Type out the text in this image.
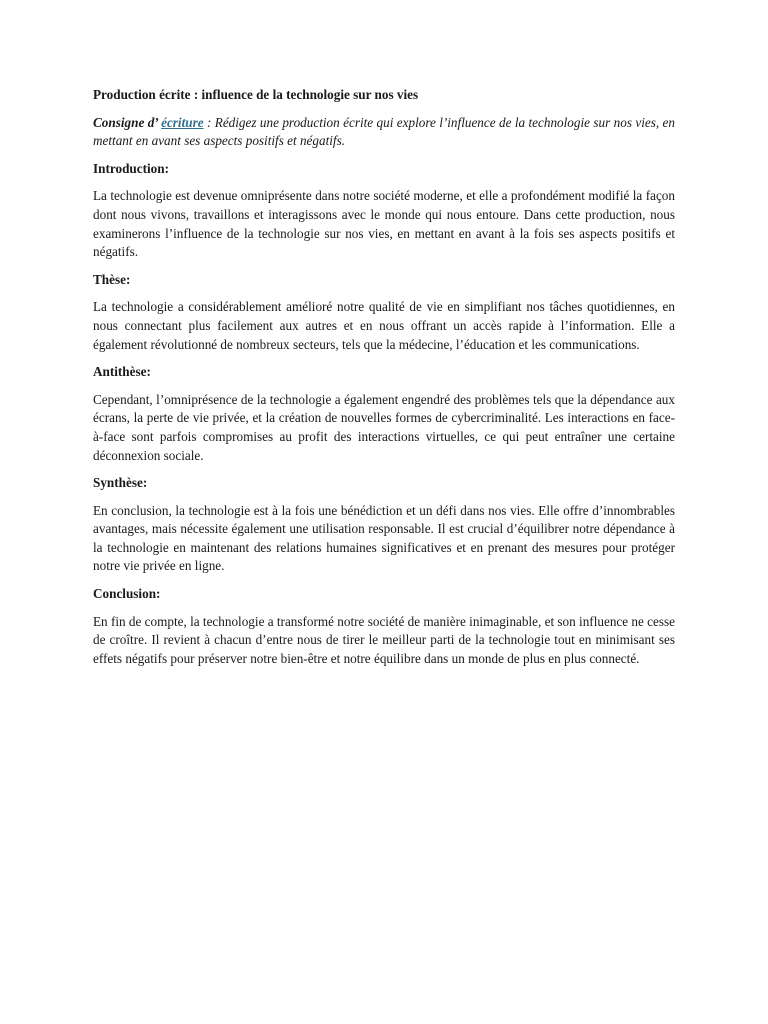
Production écrite : influence de la technologie sur nos vies

Consigne d’ écriture : Rédigez une production écrite qui explore l’influence de la technologie sur nos vies, en mettant en avant ses aspects positifs et négatifs.

Introduction:

La technologie est devenue omniprésente dans notre société moderne, et elle a profondément modifié la façon dont nous vivons, travaillons et interagissons avec le monde qui nous entoure. Dans cette production, nous examinerons l’influence de la technologie sur nos vies, en mettant en avant à la fois ses aspects positifs et négatifs.

Thèse:

La technologie a considérablement amélioré notre qualité de vie en simplifiant nos tâches quotidiennes, en nous connectant plus facilement aux autres et en nous offrant un accès rapide à l’information. Elle a également révolutionné de nombreux secteurs, tels que la médecine, l’éducation et les communications.

Antithèse:

Cependant, l’omniprésence de la technologie a également engendré des problèmes tels que la dépendance aux écrans, la perte de vie privée, et la création de nouvelles formes de cybercriminalité. Les interactions en face-à-face sont parfois compromises au profit des interactions virtuelles, ce qui peut entraîner une certaine déconnexion sociale.

Synthèse:

En conclusion, la technologie est à la fois une bénédiction et un défi dans nos vies. Elle offre d’innombrables avantages, mais nécessite également une utilisation responsable. Il est crucial d’équilibrer notre dépendance à la technologie en maintenant des relations humaines significatives et en prenant des mesures pour protéger notre vie privée en ligne.

Conclusion:

En fin de compte, la technologie a transformé notre société de manière inimaginable, et son influence ne cesse de croître. Il revient à chacun d’entre nous de tirer le meilleur parti de la technologie tout en minimisant ses effets négatifs pour préserver notre bien-être et notre équilibre dans un monde de plus en plus connecté.
